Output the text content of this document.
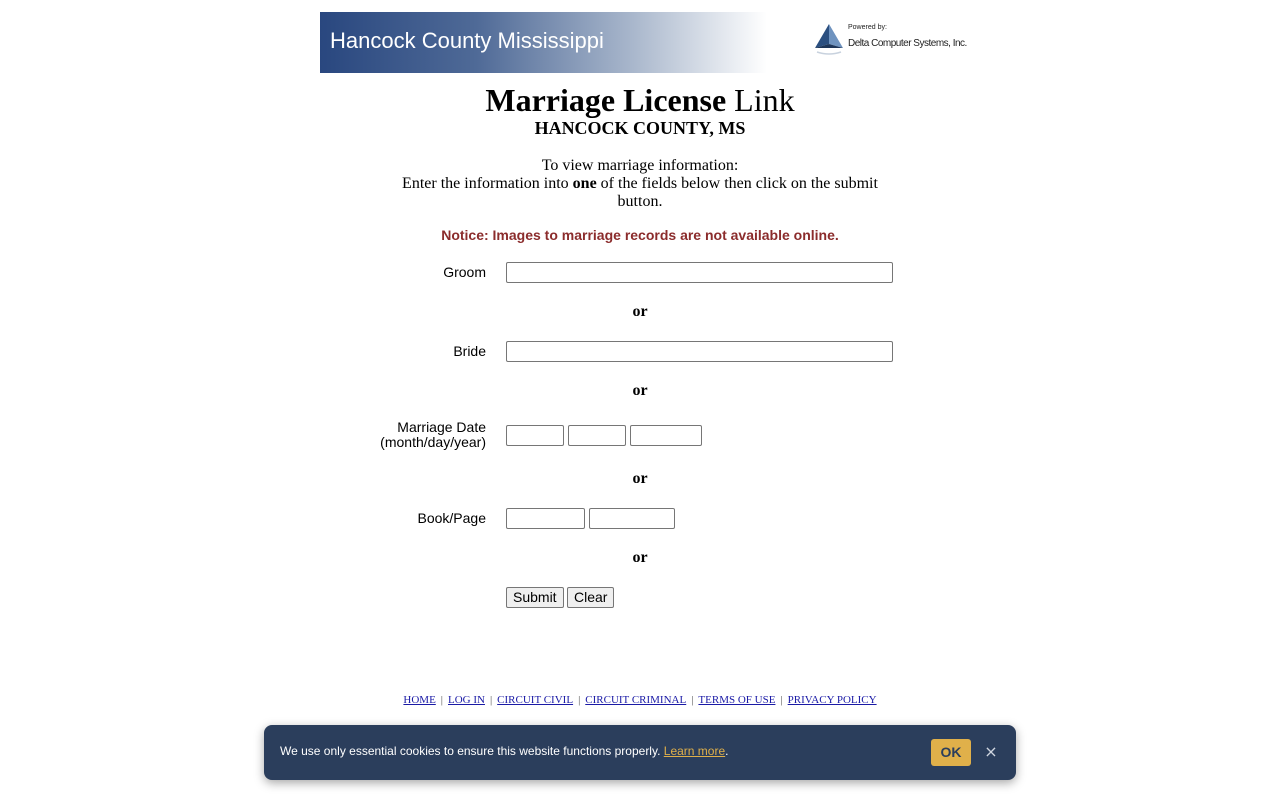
Hancock County Mississippi
Powered by:
Delta Computer Systems, Inc.
Marriage License Link
HANCOCK COUNTY, MS
To view marriage information:
Enter the information into one of the fields below then click on the submit button.
Notice: Images to marriage records are not available online.
Groom
or
Bride
or
Marriage Date
(month/day/year)
or
Book/Page
or
Submit	Clear
HOME | LOG IN | CIRCUIT CIVIL | CIRCUIT CRIMINAL | TERMS OF USE | PRIVACY POLICY
We use only essential cookies to ensure this website functions properly. Learn more.	OK	×
